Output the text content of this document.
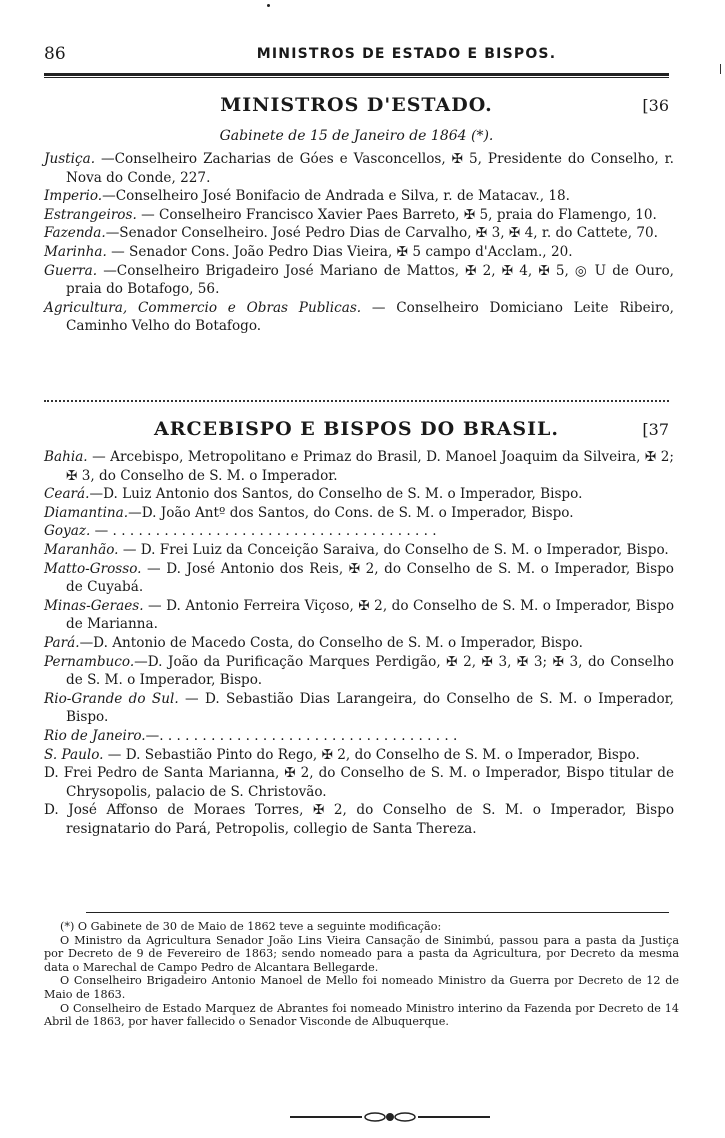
86	MINISTROS DE ESTADO E BISPOS.
MINISTROS D'ESTADO.	[36
Gabinete de 15 de Janeiro de 1864 (*).

Justiça. —Conselheiro Zacharias de Góes e Vasconcellos, ✠ 5, Presidente do Conselho, r. Nova do Conde, 227.

Imperio.—Conselheiro José Bonifacio de Andrada e Silva, r. de Matacav., 18.

Estrangeiros. — Conselheiro Francisco Xavier Paes Barreto, ✠ 5, praia do Flamengo, 10.

Fazenda.—Senador Conselheiro. José Pedro Dias de Carvalho, ✠ 3, ✠ 4, r. do Cattete, 70.

Marinha. — Senador Cons. João Pedro Dias Vieira, ✠ 5 campo d'Acclam., 20.

Guerra. —Conselheiro Brigadeiro José Mariano de Mattos, ✠ 2, ✠ 4, ✠ 5, ◎ U de Ouro, praia do Botafogo, 56.

Agricultura, Commercio e Obras Publicas. — Conselheiro Domiciano Leite Ribeiro, Caminho Velho do Botafogo.

ARCEBISPO E BISPOS DO BRASIL.	[37

Bahia. — Arcebispo, Metropolitano e Primaz do Brasil, D. Manoel Joaquim da Silveira, ✠ 2; ✠ 3, do Conselho de S. M. o Imperador.

Ceará.—D. Luiz Antonio dos Santos, do Conselho de S. M. o Imperador, Bispo.

Diamantina.—D. João Antº dos Santos, do Cons. de S. M. o Imperador, Bispo.

Goyaz. — . . . . . . . . . . . . . . . . . . . . . . . . . . . . . . . . . . . . . .

Maranhão. — D. Frei Luiz da Conceição Saraiva, do Conselho de S. M. o Imperador, Bispo.

Matto-Grosso. — D. José Antonio dos Reis, ✠ 2, do Conselho de S. M. o Imperador, Bispo de Cuyabá.

Minas-Geraes. — D. Antonio Ferreira Viçoso, ✠ 2, do Conselho de S. M. o Imperador, Bispo de Marianna.

Pará.—D. Antonio de Macedo Costa, do Conselho de S. M. o Imperador, Bispo.

Pernambuco.—D. João da Purificação Marques Perdigão, ✠ 2, ✠ 3, ✠ 3; ✠ 3, do Conselho de S. M. o Imperador, Bispo.

Rio-Grande do Sul. — D. Sebastião Dias Larangeira, do Conselho de S. M. o Imperador, Bispo.

Rio de Janeiro.—. . . . . . . . . . . . . . . . . . . . . . . . . . . . . . . . . . .

S. Paulo. — D. Sebastião Pinto do Rego, ✠ 2, do Conselho de S. M. o Imperador, Bispo.

D. Frei Pedro de Santa Marianna, ✠ 2, do Conselho de S. M. o Imperador, Bispo titular de Chrysopolis, palacio de S. Christovão.

D. José Affonso de Moraes Torres, ✠ 2, do Conselho de S. M. o Imperador, Bispo resignatario do Pará, Petropolis, collegio de Santa Thereza.

(*) O Gabinete de 30 de Maio de 1862 teve a seguinte modificação:

O Ministro da Agricultura Senador João Lins Vieira Cansação de Sinimbú, passou para a pasta da Justiça por Decreto de 9 de Fevereiro de 1863; sendo nomeado para a pasta da Agricultura, por Decreto da mesma data o Marechal de Campo Pedro de Alcantara Bellegarde.

O Conselheiro Brigadeiro Antonio Manoel de Mello foi nomeado Ministro da Guerra por Decreto de 12 de Maio de 1863.

O Conselheiro de Estado Marquez de Abrantes foi nomeado Ministro interino da Fazenda por Decreto de 14 Abril de 1863, por haver fallecido o Senador Visconde de Albuquerque.
